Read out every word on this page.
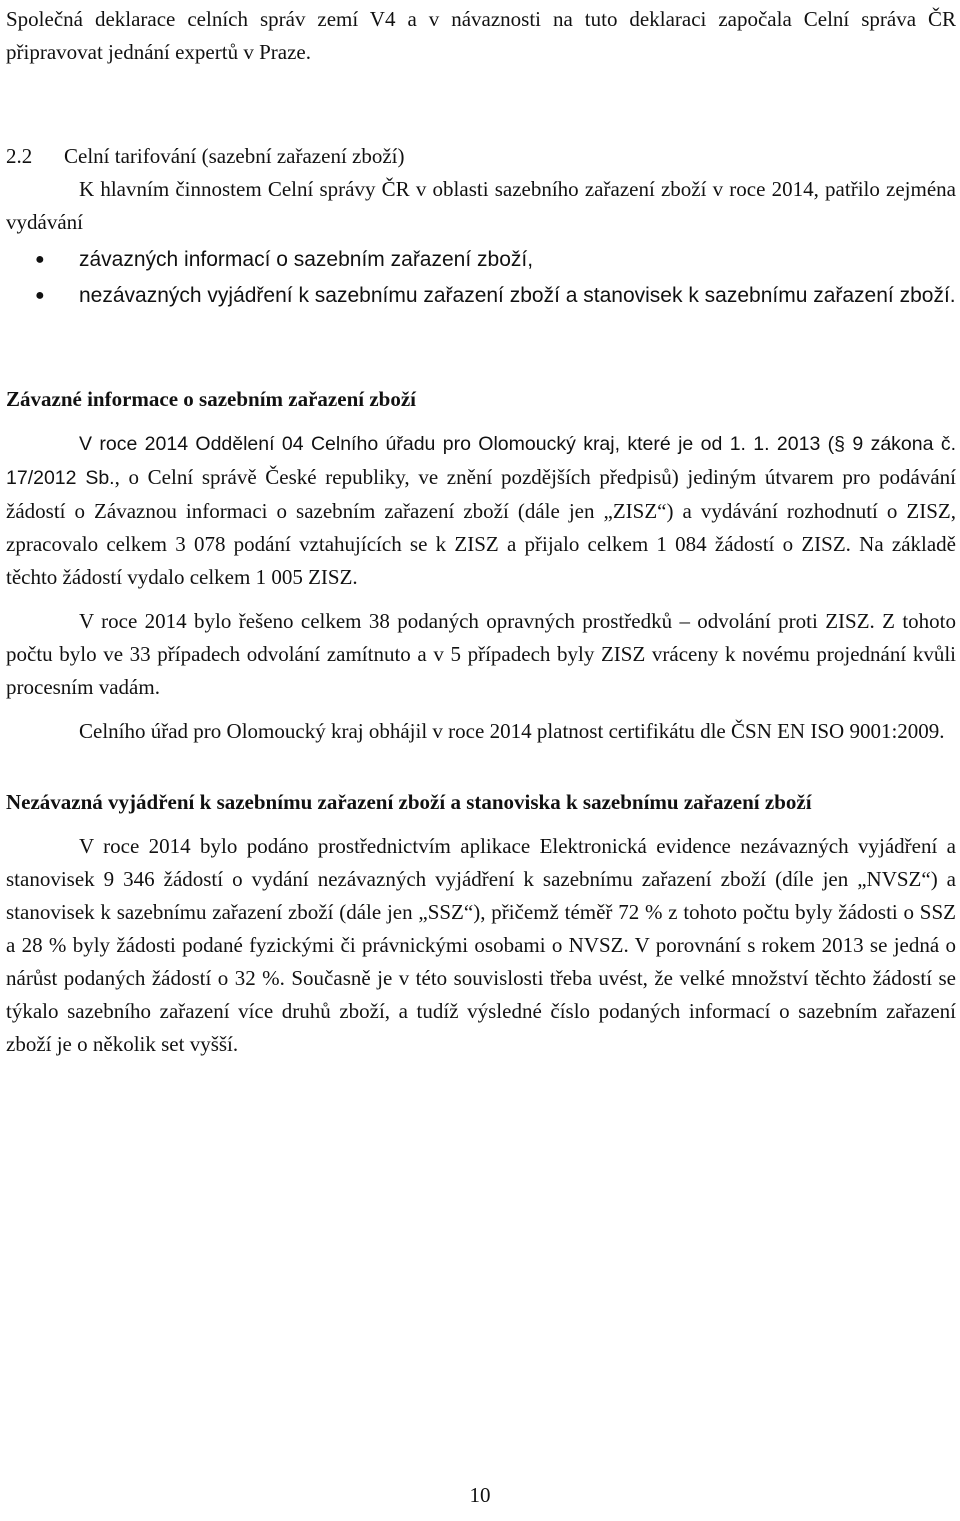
Společná deklarace celních správ zemí V4 a v návaznosti na tuto deklaraci započala Celní správa ČR připravovat jednání expertů v Praze.

2.2 Celní tarifování (sazební zařazení zboží)

K hlavním činnostem Celní správy ČR v oblasti sazebního zařazení zboží v roce 2014, patřilo zejména vydávání

● závazných informací o sazebním zařazení zboží,
● nezávazných vyjádření k sazebnímu zařazení zboží a stanovisek k sazebnímu zařazení zboží.
Závazné informace o sazebním zařazení zboží

V roce 2014 Oddělení 04 Celního úřadu pro Olomoucký kraj, které je od 1. 1. 2013 (§ 9 zákona č. 17/2012 Sb., o Celní správě České republiky, ve znění pozdějších předpisů) jediným útvarem pro podávání žádostí o Závaznou informaci o sazebním zařazení zboží (dále jen „ZISZ“) a vydávání rozhodnutí o ZISZ, zpracovalo celkem 3 078 podání vztahujících se k ZISZ a přijalo celkem 1 084 žádostí o ZISZ. Na základě těchto žádostí vydalo celkem 1 005 ZISZ.

V roce 2014 bylo řešeno celkem 38 podaných opravných prostředků – odvolání proti ZISZ. Z tohoto počtu bylo ve 33 případech odvolání zamítnuto a v 5 případech byly ZISZ vráceny k novému projednání kvůli procesním vadám.

Celního úřad pro Olomoucký kraj obhájil v roce 2014 platnost certifikátu dle ČSN EN ISO 9001:2009.

Nezávazná vyjádření k sazebnímu zařazení zboží a stanoviska k sazebnímu zařazení zboží

V roce 2014 bylo podáno prostřednictvím aplikace Elektronická evidence nezávazných vyjádření a stanovisek 9 346 žádostí o vydání nezávazných vyjádření k sazebnímu zařazení zboží (díle jen „NVSZ“) a stanovisek k sazebnímu zařazení zboží (dále jen „SSZ“), přičemž téměř 72 % z tohoto počtu byly žádosti o SSZ a 28 % byly žádosti podané fyzickými či právnickými osobami o NVSZ. V porovnání s rokem 2013 se jedná o nárůst podaných žádostí o 32 %. Současně je v této souvislosti třeba uvést, že velké množství těchto žádostí se týkalo sazebního zařazení více druhů zboží, a tudíž výsledné číslo podaných informací o sazebním zařazení zboží je o několik set vyšší.

10
